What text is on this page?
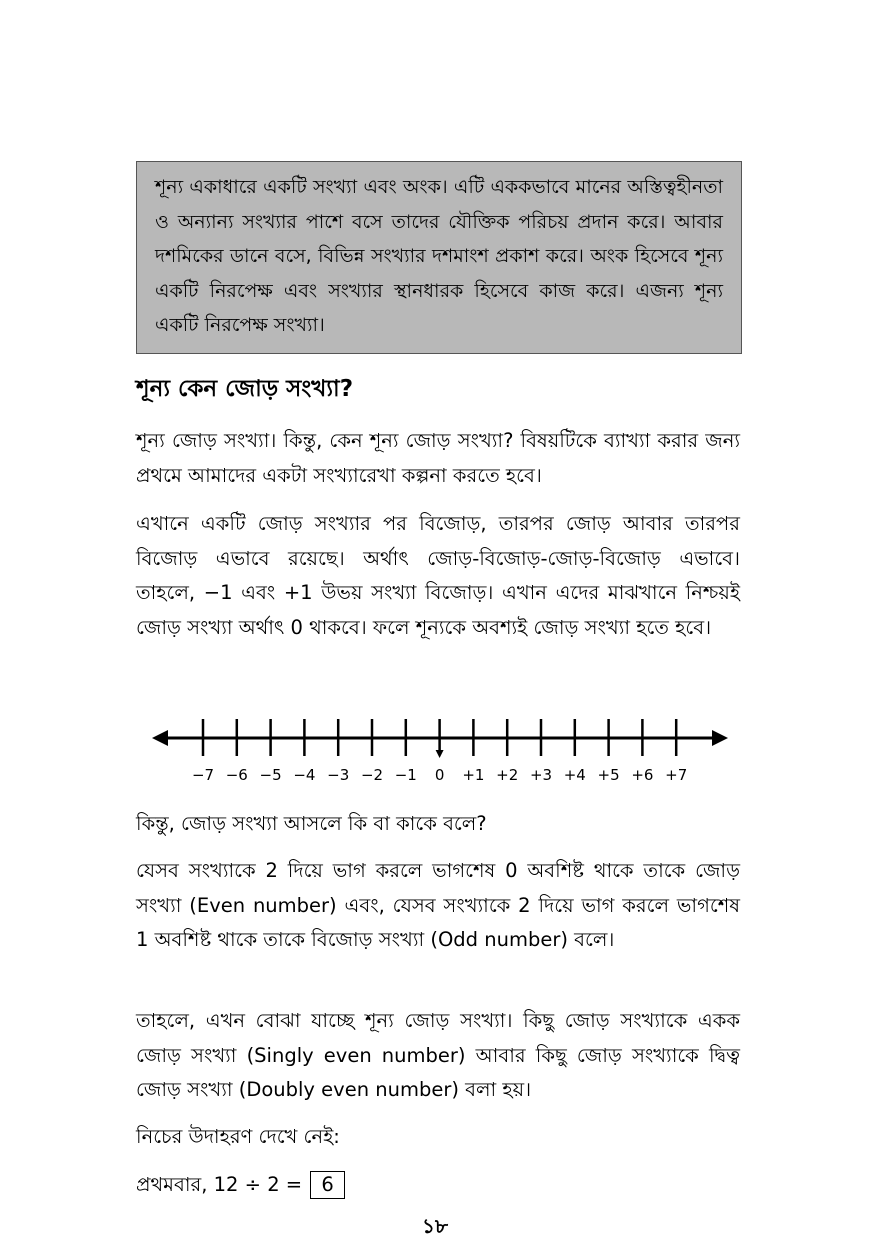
শূন্য একাধারে একটি সংখ্যা এবং অংক। এটি এককভাবে মানের অস্তিত্বহীনতা ও অন্যান্য সংখ্যার পাশে বসে তাদের যৌক্তিক পরিচয় প্রদান করে। আবার দশমিকের ডানে বসে, বিভিন্ন সংখ্যার দশমাংশ প্রকাশ করে। অংক হিসেবে শূন্য একটি নিরপেক্ষ এবং সংখ্যার স্থানধারক হিসেবে কাজ করে। এজন্য শূন্য একটি নিরপেক্ষ সংখ্যা।

শূন্য কেন জোড় সংখ্যা?

শূন্য জোড় সংখ্যা। কিন্তু, কেন শূন্য জোড় সংখ্যা? বিষয়টিকে ব্যাখ্যা করার জন্য প্রথমে আমাদের একটা সংখ্যারেখা কল্পনা করতে হবে।

এখানে একটি জোড় সংখ্যার পর বিজোড়, তারপর জোড় আবার তারপর বিজোড় এভাবে রয়েছে। অর্থাৎ জোড়-বিজোড়-জোড়-বিজোড় এভাবে। তাহলে, −1 এবং +1 উভয় সংখ্যা বিজোড়। এখান এদের মাঝখানে নিশ্চয়ই জোড় সংখ্যা অর্থাৎ 0 থাকবে। ফলে শূন্যকে অবশ্যই জোড় সংখ্যা হতে হবে।

−7 −6 −5 −4 −3 −2 −1 0 +1 +2 +3 +4 +5 +6 +7

কিন্তু, জোড় সংখ্যা আসলে কি বা কাকে বলে?

যেসব সংখ্যাকে 2 দিয়ে ভাগ করলে ভাগশেষ 0 অবশিষ্ট থাকে তাকে জোড় সংখ্যা (Even number) এবং, যেসব সংখ্যাকে 2 দিয়ে ভাগ করলে ভাগশেষ 1 অবশিষ্ট থাকে তাকে বিজোড় সংখ্যা (Odd number) বলে।

তাহলে, এখন বোঝা যাচ্ছে শূন্য জোড় সংখ্যা। কিছু জোড় সংখ্যাকে একক জোড় সংখ্যা (Singly even number) আবার কিছু জোড় সংখ্যাকে দ্বিত্ব জোড় সংখ্যা (Doubly even number) বলা হয়।

নিচের উদাহরণ দেখে নেই:

প্রথমবার, 12 ÷ 2 = 6
১৮
